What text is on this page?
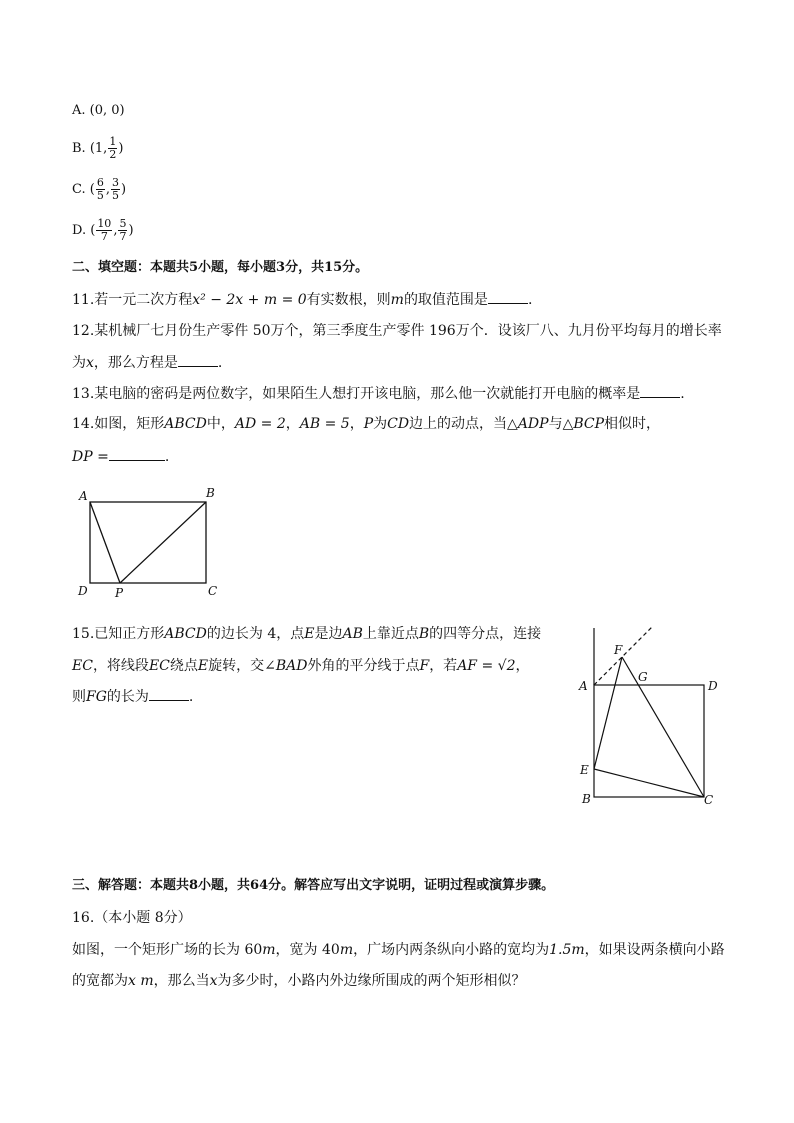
A. (0, 0)
B. (1, $\frac{1}{2}$ )
C. ( $\frac{6}{5}$ , $\frac{3}{5}$ )
D. ( $\frac{10}{7}$ , $\frac{5}{7}$ )
二、填空题：本题共5小题，每小题3分，共15分。
11.若一元二次方程x² − 2x + m = 0有实数根，则m的取值范围是	.
12.某机械厂七月份生产零件 50万个，第三季度生产零件 196万个．设该厂八、九月份平均每月的增长率
为x，那么方程是	.
13.某电脑的密码是两位数字，如果陌生人想打开该电脑，那么他一次就能打开电脑的概率是	.
14.如图，矩形ABCD中，AD = 2，AB = 5，P为CD边上的动点，当△ADP与△BCP相似时，
DP =	.
A	B
C
D P
15.已知正方形ABCD的边长为 4，点E是边AB上靠近点B的四等分点，连接
EC，将线段EC绕点E旋转，交∠BAD外角的平分线于点F，若AF = √2，
则FG的长为	.
F
G
A	D
E
B	C
三、解答题：本题共8小题，共64分。解答应写出文字说明，证明过程或演算步骤。
16.（本小题 8分）
如图，一个矩形广场的长为 60m，宽为 40m，广场内两条纵向小路的宽均为1.5m，如果设两条横向小路
的宽都为x m，那么当x为多少时，小路内外边缘所围成的两个矩形相似？
